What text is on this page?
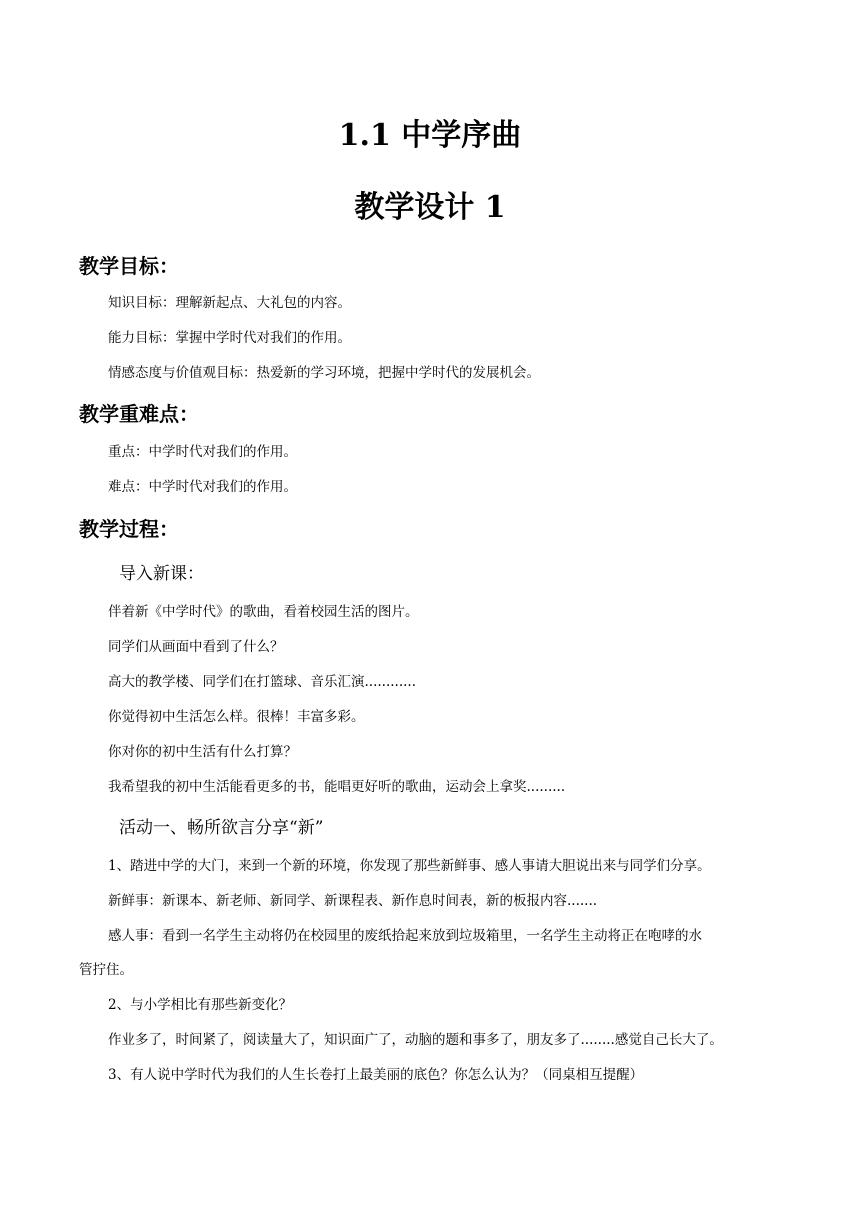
1.1 中学序曲
教学设计 1
教学目标：
知识目标：理解新起点、大礼包的内容。
能力目标：掌握中学时代对我们的作用。
情感态度与价值观目标：热爱新的学习环境，把握中学时代的发展机会。
教学重难点：
重点：中学时代对我们的作用。
难点：中学时代对我们的作用。
教学过程：
导入新课：
伴着新《中学时代》的歌曲，看着校园生活的图片。
同学们从画面中看到了什么？
高大的教学楼、同学们在打篮球、音乐汇演............
你觉得初中生活怎么样。很棒！丰富多彩。
你对你的初中生活有什么打算？
我希望我的初中生活能看更多的书，能唱更好听的歌曲，运动会上拿奖.........
活动一、畅所欲言分享“新”
1、踏进中学的大门，来到一个新的环境，你发现了那些新鲜事、感人事请大胆说出来与同学们分享。
新鲜事：新课本、新老师、新同学、新课程表、新作息时间表，新的板报内容.......
感人事：看到一名学生主动将仍在校园里的废纸拾起来放到垃圾箱里，一名学生主动将正在咆哮的水
管拧住。
2、与小学相比有那些新变化？
作业多了，时间紧了，阅读量大了，知识面广了，动脑的题和事多了，朋友多了........感觉自己长大了。
3、有人说中学时代为我们的人生长卷打上最美丽的底色？你怎么认为？（同桌相互提醒）
